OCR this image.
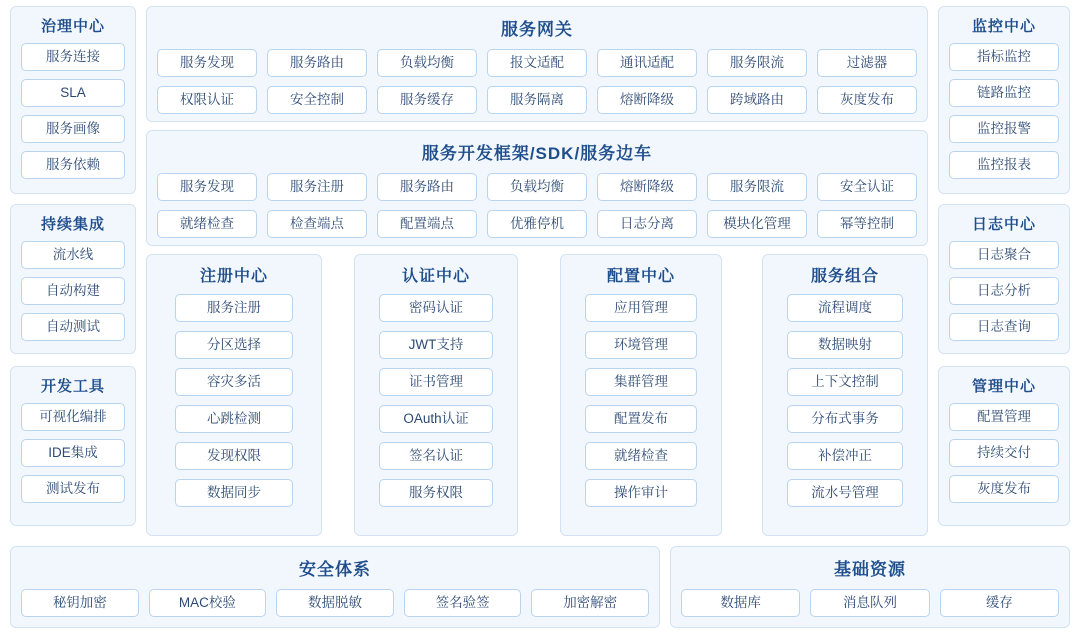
治理中心
服务连接
SLA
服务画像
服务依赖
持续集成
流水线
自动构建
自动测试
开发工具
可视化编排
IDE集成
测试发布
服务网关
服务发现	服务路由	负载均衡	报文适配	通讯适配	服务限流	过滤器
权限认证	安全控制	服务缓存	服务隔离	熔断降级	跨域路由	灰度发布
服务开发框架/SDK/服务边车
服务发现	服务注册	服务路由	负载均衡	熔断降级	服务限流	安全认证
就绪检查	检查端点	配置端点	优雅停机	日志分离	模块化管理	幂等控制
注册中心
服务注册
分区选择
容灾多活
心跳检测
发现权限
数据同步
认证中心
密码认证
JWT支持
证书管理
OAuth认证
签名认证
服务权限
配置中心
应用管理
环境管理
集群管理
配置发布
就绪检查
操作审计
服务组合
流程调度
数据映射
上下文控制
分布式事务
补偿冲正
流水号管理
监控中心
指标监控
链路监控
监控报警
监控报表
日志中心
日志聚合
日志分析
日志查询
管理中心
配置管理
持续交付
灰度发布
安全体系
秘钥加密	MAC校验	数据脱敏	签名验签	加密解密
基础资源
数据库	消息队列	缓存
